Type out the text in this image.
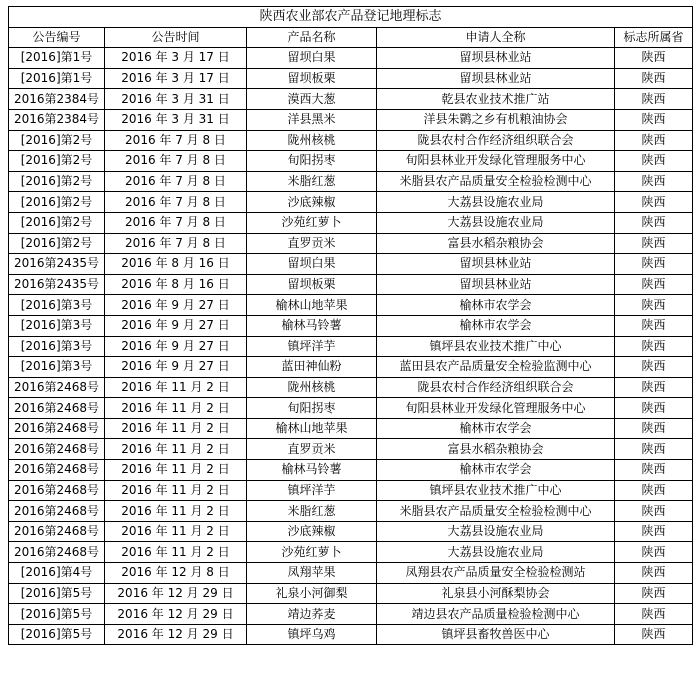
陕西农业部农产品登记地理标志				
公告编号	公告时间	产品名称	申请人全称	标志所属省
[2016]第1号	2016 年 3 月 17 日	留坝白果	留坝县林业站	陕西
[2016]第1号	2016 年 3 月 17 日	留坝板栗	留坝县林业站	陕西
2016第2384号	2016 年 3 月 31 日	漠西大葱	乾县农业技术推广站	陕西
2016第2384号	2016 年 3 月 31 日	洋县黑米	洋县朱鹮之乡有机粮油协会	陕西
[2016]第2号	2016 年 7 月 8 日	陇州核桃	陇县农村合作经济组织联合会	陕西
[2016]第2号	2016 年 7 月 8 日	旬阳拐枣	旬阳县林业开发绿化管理服务中心	陕西
[2016]第2号	2016 年 7 月 8 日	米脂红葱	米脂县农产品质量安全检验检测中心	陕西
[2016]第2号	2016 年 7 月 8 日	沙底辣椒	大荔县设施农业局	陕西
[2016]第2号	2016 年 7 月 8 日	沙苑红萝卜	大荔县设施农业局	陕西
[2016]第2号	2016 年 7 月 8 日	直罗贡米	富县水稻杂粮协会	陕西
2016第2435号	2016 年 8 月 16 日	留坝白果	留坝县林业站	陕西
2016第2435号	2016 年 8 月 16 日	留坝板栗	留坝县林业站	陕西
[2016]第3号	2016 年 9 月 27 日	榆林山地苹果	榆林市农学会	陕西
[2016]第3号	2016 年 9 月 27 日	榆林马铃薯	榆林市农学会	陕西
[2016]第3号	2016 年 9 月 27 日	镇坪洋芋	镇坪县农业技术推广中心	陕西
[2016]第3号	2016 年 9 月 27 日	蓝田神仙粉	蓝田县农产品质量安全检验监测中心	陕西
2016第2468号	2016 年 11 月 2 日	陇州核桃	陇县农村合作经济组织联合会	陕西
2016第2468号	2016 年 11 月 2 日	旬阳拐枣	旬阳县林业开发绿化管理服务中心	陕西
2016第2468号	2016 年 11 月 2 日	榆林山地苹果	榆林市农学会	陕西
2016第2468号	2016 年 11 月 2 日	直罗贡米	富县水稻杂粮协会	陕西
2016第2468号	2016 年 11 月 2 日	榆林马铃薯	榆林市农学会	陕西
2016第2468号	2016 年 11 月 2 日	镇坪洋芋	镇坪县农业技术推广中心	陕西
2016第2468号	2016 年 11 月 2 日	米脂红葱	米脂县农产品质量安全检验检测中心	陕西
2016第2468号	2016 年 11 月 2 日	沙底辣椒	大荔县设施农业局	陕西
2016第2468号	2016 年 11 月 2 日	沙苑红萝卜	大荔县设施农业局	陕西
[2016]第4号	2016 年 12 月 8 日	凤翔苹果	凤翔县农产品质量安全检验检测站	陕西
[2016]第5号	2016 年 12 月 29 日	礼泉小河御梨	礼泉县小河酥梨协会	陕西
[2016]第5号	2016 年 12 月 29 日	靖边荞麦	靖边县农产品质量检验检测中心	陕西
[2016]第5号	2016 年 12 月 29 日	镇坪乌鸡	镇坪县畜牧兽医中心	陕西
